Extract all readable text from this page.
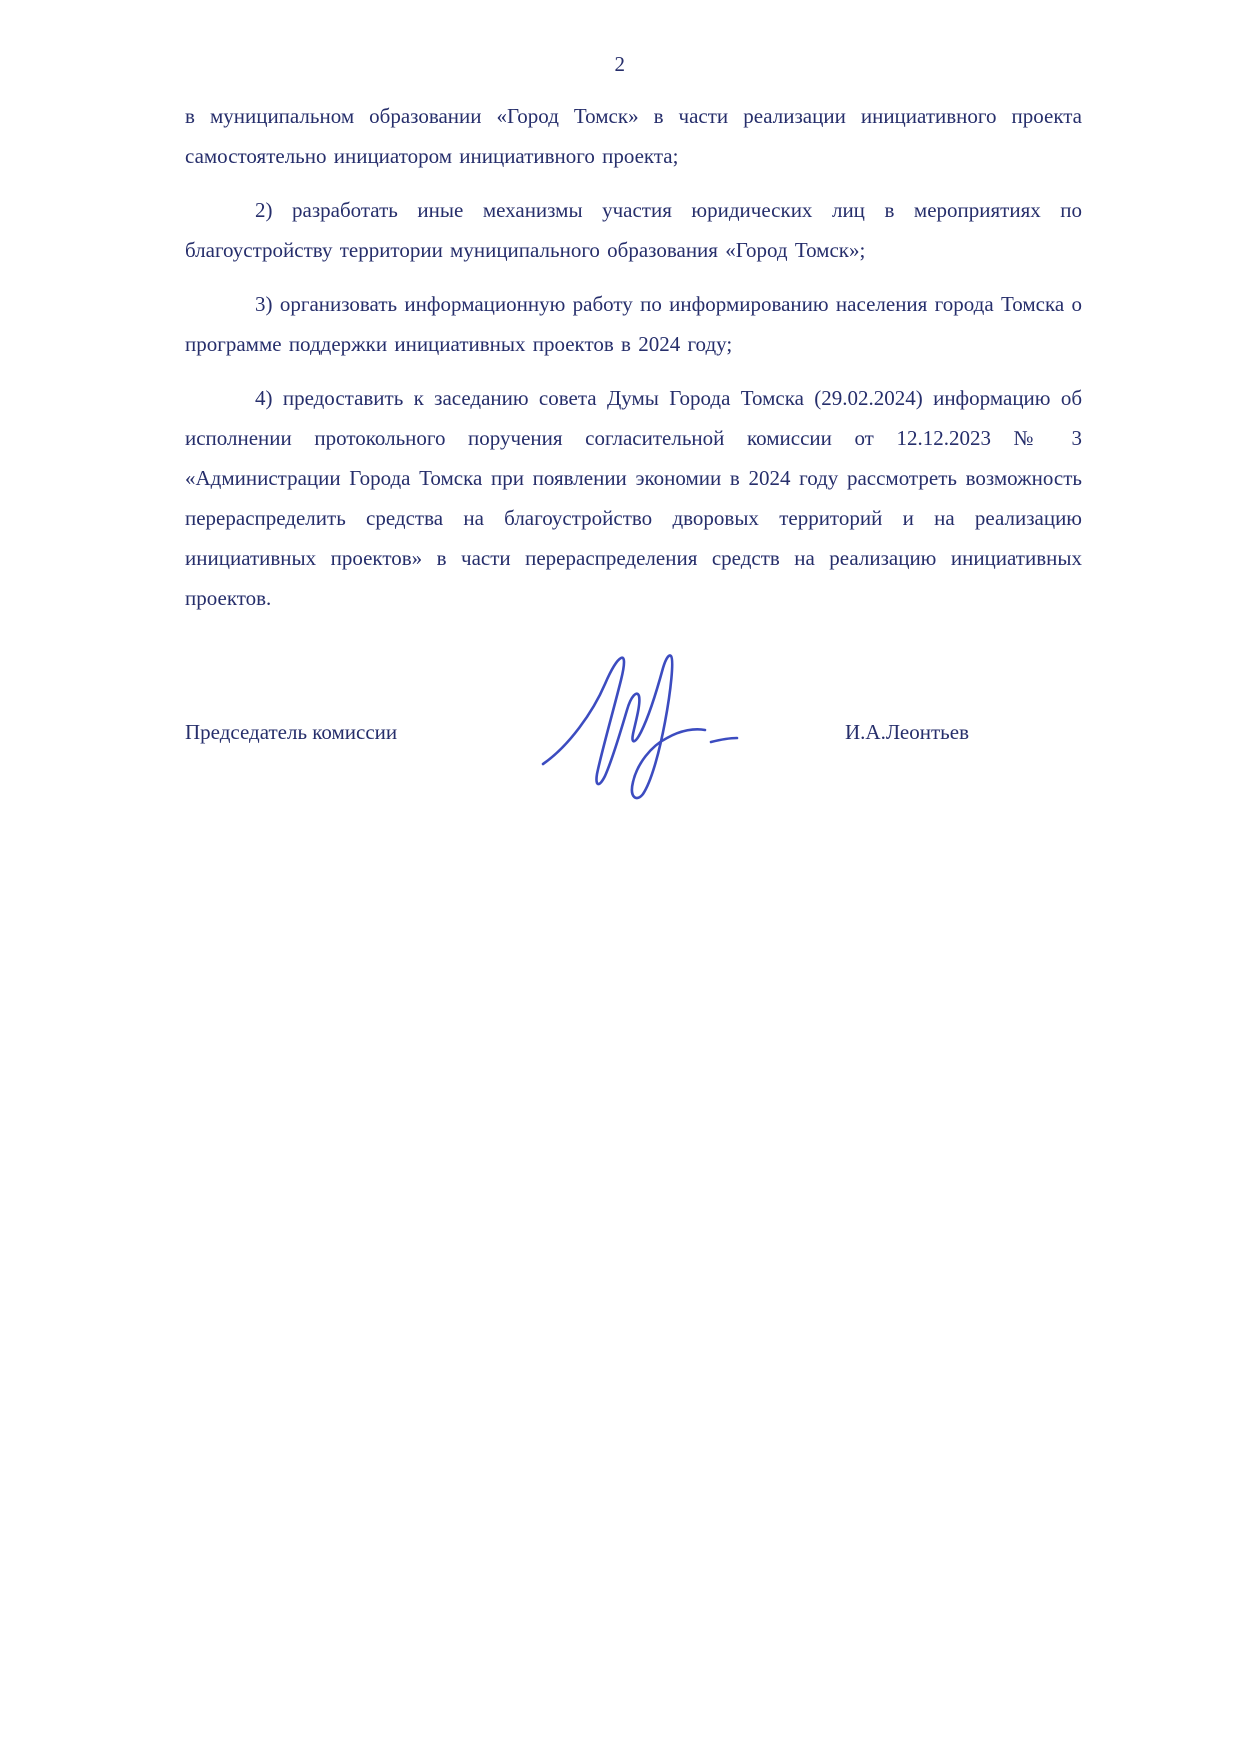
2

в муниципальном образовании «Город Томск» в части реализации инициативного проекта самостоятельно инициатором инициативного проекта;

2) разработать иные механизмы участия юридических лиц в мероприятиях по благоустройству территории муниципального образования «Город Томск»;

3) организовать информационную работу по информированию населения города Томска о программе поддержки инициативных проектов в 2024 году;

4) предоставить к заседанию совета Думы Города Томска (29.02.2024) информацию об исполнении протокольного поручения согласительной комиссии от 12.12.2023 № 3 «Администрации Города Томска при появлении экономии в 2024 году рассмотреть возможность перераспределить средства на благоустройство дворовых территорий и на реализацию инициативных проектов» в части перераспределения средств на реализацию инициативных проектов.

Председатель комиссии	И.А.Леонтьев
